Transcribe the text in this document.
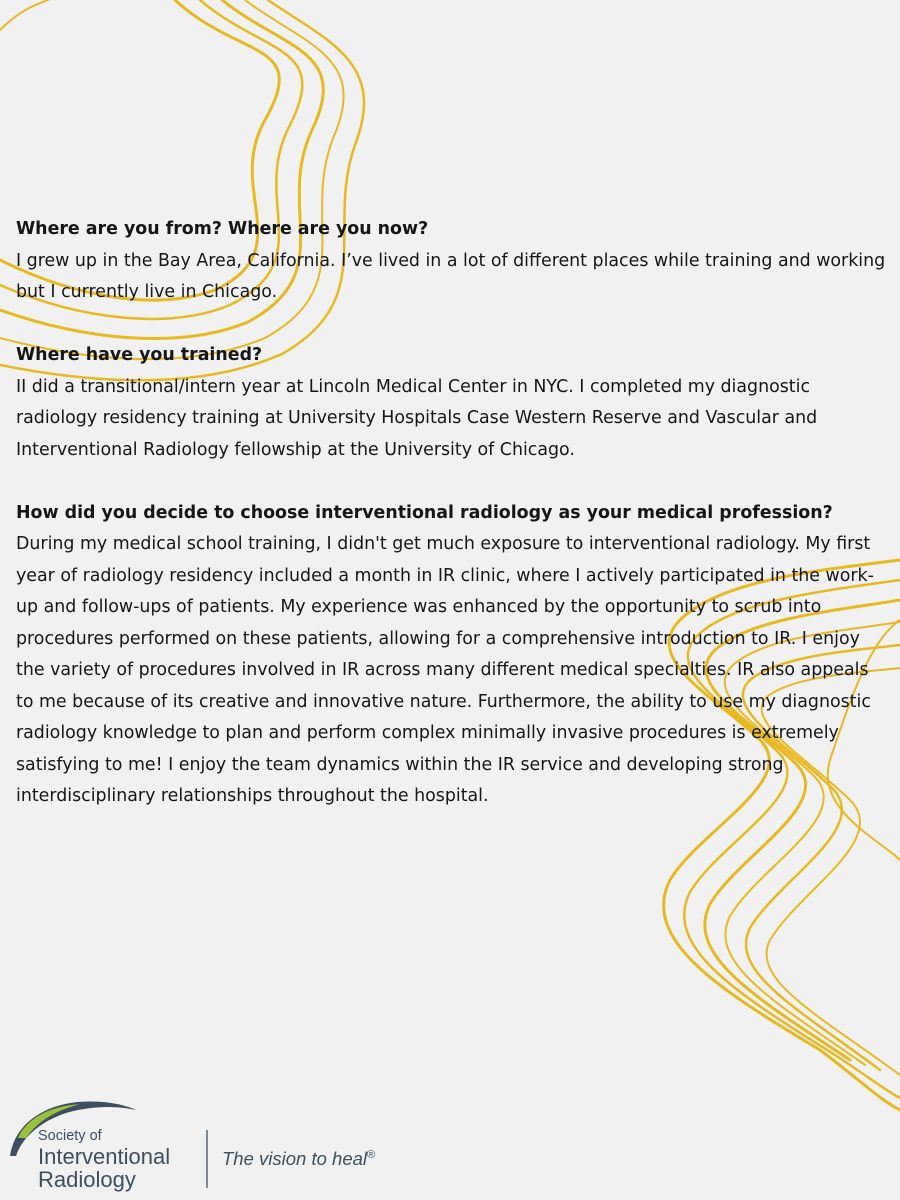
Where are you from? Where are you now?

I grew up in the Bay Area, California. I’ve lived in a lot of different places while training and working but I currently live in Chicago.

Where have you trained?

II did a transitional/intern year at Lincoln Medical Center in NYC. I completed my diagnostic radiology residency training at University Hospitals Case Western Reserve and Vascular and Interventional Radiology fellowship at the University of Chicago.

How did you decide to choose interventional radiology as your medical profession?

During my medical school training, I didn't get much exposure to interventional radiology. My first year of radiology residency included a month in IR clinic, where I actively participated in the work-up and follow-ups of patients. My experience was enhanced by the opportunity to scrub into procedures performed on these patients, allowing for a comprehensive introduction to IR. I enjoy the variety of procedures involved in IR across many different medical specialties. IR also appeals to me because of its creative and innovative nature. Furthermore, the ability to use my diagnostic radiology knowledge to plan and perform complex minimally invasive procedures is extremely satisfying to me! I enjoy the team dynamics within the IR service and developing strong interdisciplinary relationships throughout the hospital.

Society of
Interventional
Radiology
The vision to heal®
